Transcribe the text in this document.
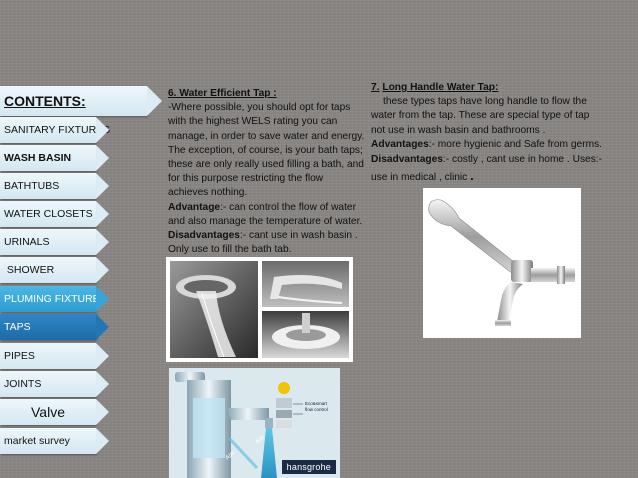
CONTENTS:
SANITARY FIXTURES
WASH BASIN
BATHTUBS
WATER CLOSETS
URINALS
SHOWER
PLUMING FIXTURES
TAPS
PIPES
JOINTS
Valve
market survey

6. Water Efficient Tap :

-Where possible, you should opt for taps with the highest WELS rating you can manage, in order to save water and energy. The exception, of course, is your bath taps; these are only really used filling a bath, and for this purpose restricting the flow achieves nothing.

Advantage:- can control the flow of water and also manage the temperature of water. Disadvantages:- cant use in wash basin . Only use to fill the bath tab.

7. Long Handle Water Tap:

these types taps have long handle to flow the water from the tap. These are special type of tap not use in wash basin and bathrooms .

Advantages:- more hygienic and Safe from germs.

Disadvantages:- costly , cant use in home . Uses:- use in medical , clinic .

AIR
AIR
Eco&smart
flow control
hansgrohe
